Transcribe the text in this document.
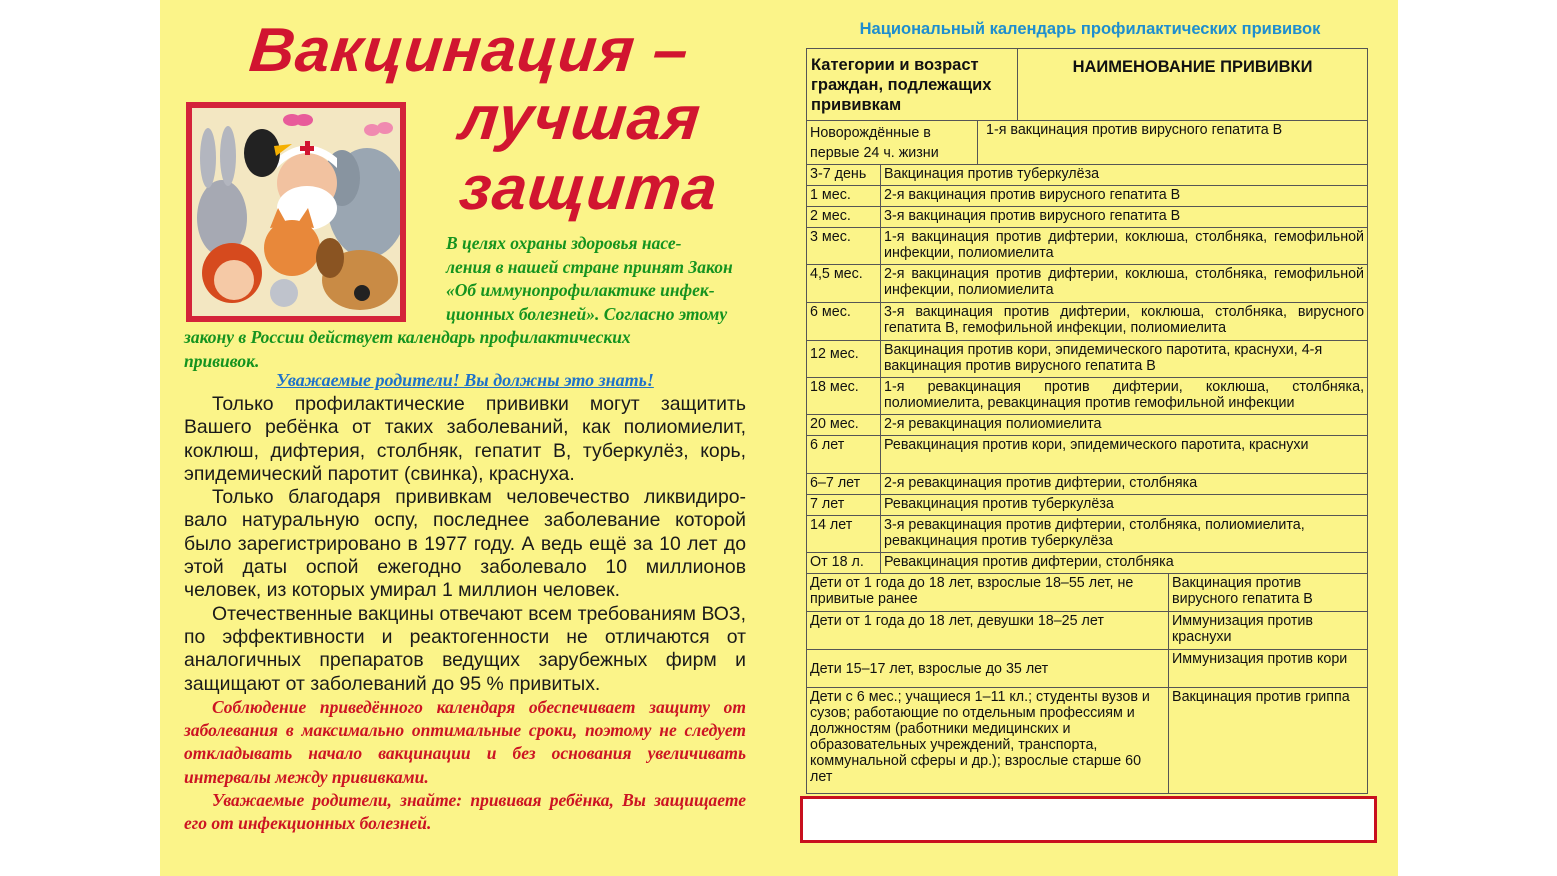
Вакцинация –
лучшая
защита
В целях охраны здоровья насе-
ления в нашей стране принят Закон
«Об иммунопрофилактике инфек-
ционных болезней». Согласно этому
закону в России действует календарь профилактических
прививок.
Уважаемые родители! Вы должны это знать!

Только профилактические прививки могут защитить Вашего ребёнка от таких заболеваний, как полиомиелит, коклюш, дифтерия, столбняк, гепатит В, туберкулёз, корь, эпидемический паротит (свинка), краснуха.

Только благодаря прививкам человечество ликвидиро-вало натуральную оспу, последнее заболевание которой было зарегистрировано в 1977 году. А ведь ещё за 10 лет до этой даты оспой ежегодно заболевало 10 миллионов человек, из которых умирал 1 миллион человек.

Отечественные вакцины отвечают всем требованиям ВОЗ, по эффективности и реактогенности не отличаются от аналогичных препаратов ведущих зарубежных фирм и защищают от заболеваний до 95 % привитых.

Соблюдение приведённого календаря обеспечивает защиту от заболевания в максимально оптимальные сроки, поэтому не следует откладывать начало вакцинации и без основания увеличивать интервалы между прививками.

Уважаемые родители, знайте: прививая ребёнка, Вы защищаете его от инфекционных болезней.

Национальный календарь профилактических прививок
Категории и возраст граждан, подлежащих прививкам			НАИМЕНОВАНИЕ ПРИВИВКИ	
Новорождённые в первые 24 ч. жизни		1-я вакцинация против вирусного гепатита В		
3-7 день	Вакцинация против туберкулёза			
1 мес.	2-я вакцинация против вирусного гепатита В			
2 мес.	3-я вакцинация против вирусного гепатита В			
3 мес.	1-я вакцинация против дифтерии, коклюша, столбняка, гемофильной инфекции, полиомиелита			
4,5 мес.	2-я вакцинация против дифтерии, коклюша, столбняка, гемофильной инфекции, полиомиелита			
6 мес.	3-я вакцинация против дифтерии, коклюша, столбняка, вирусного гепатита В, гемофильной инфекции, полиомиелита			
12 мес.	Вакцинация против кори, эпидемического паротита, краснухи, 4-я вакцинация против вирусного гепатита В			
18 мес.	1-я ревакцинация против дифтерии, коклюша, столбняка, полиомиелита, ревакцинация против гемофильной инфекции			
20 мес.	2-я ревакцинация полиомиелита			
6 лет	Ревакцинация против кори, эпидемического паротита, краснухи			
6–7 лет	2-я ревакцинация против дифтерии, столбняка			
7 лет	Ревакцинация против туберкулёза			
14 лет	3-я ревакцинация против дифтерии, столбняка, полиомиелита, ревакцинация против туберкулёза			
От 18 л.	Ревакцинация против дифтерии, столбняка			
Дети от 1 года до 18 лет, взрослые 18–55 лет, не привитые ранее				Вакцинация против вирусного гепатита В
Дети от 1 года до 18 лет, девушки 18–25 лет				Иммунизация против краснухи
Дети 15–17 лет, взрослые до 35 лет				Иммунизация против кори
Дети с 6 мес.; учащиеся 1–11 кл.; студенты вузов и сузов; работающие по отдельным профессиям и должностям (работники медицинских и образовательных учреждений, транспорта, коммунальной сферы и др.); взрослые старше 60 лет				Вакцинация против гриппа
